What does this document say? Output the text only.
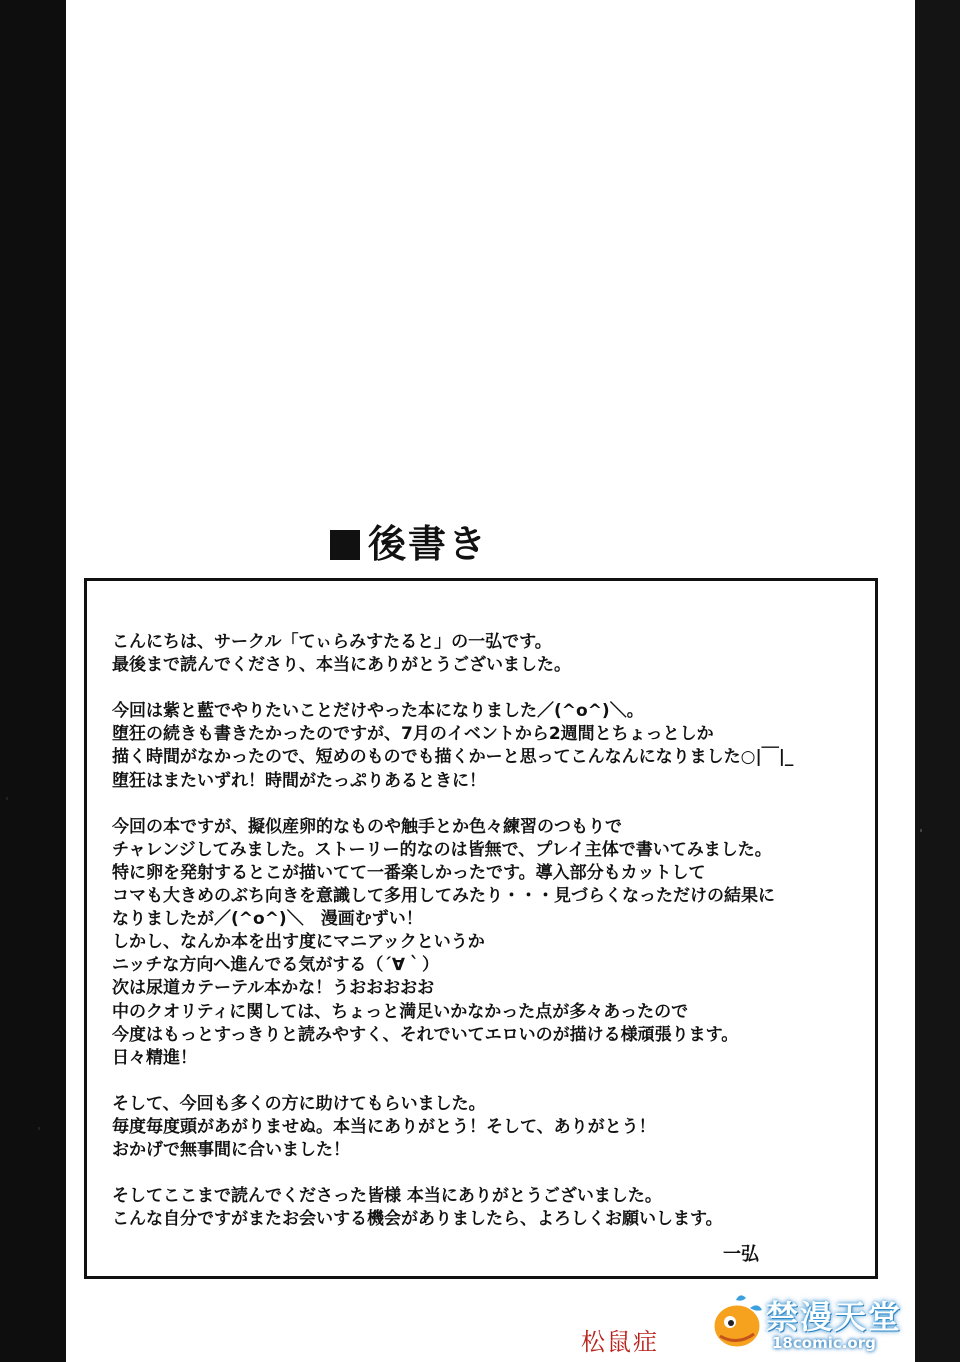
後書き
こんにちは、サークル「てぃらみすたると」の一弘です。
最後まで読んでくださり、本当にありがとうございました。
今回は紫と藍でやりたいことだけやった本になりました／(^o^)＼。
堕狂の続きも書きたかったのですが、7月のイベントから2週間とちょっとしか
描く時間がなかったので、短めのものでも描くかーと思ってこんなんになりました○|￣|_
堕狂はまたいずれ！時間がたっぷりあるときに！
今回の本ですが、擬似産卵的なものや触手とか色々練習のつもりで
チャレンジしてみました。ストーリー的なのは皆無で、プレイ主体で書いてみました。
特に卵を発射するとこが描いてて一番楽しかったです。導入部分もカットして
コマも大きめのぶち向きを意識して多用してみたり・・・見づらくなっただけの結果に
なりましたが／(^o^)＼　漫画むずい！
しかし、なんか本を出す度にマニアックというか
ニッチな方向へ進んでる気がする（´∀｀）
次は尿道カテーテル本かな！うおおおおお
中のクオリティに関しては、ちょっと満足いかなかった点が多々あったので
今度はもっとすっきりと読みやすく、それでいてエロいのが描ける様頑張ります。
日々精進！
そして、今回も多くの方に助けてもらいました。
毎度毎度頭があがりませぬ。本当にありがとう！そして、ありがとう！
おかげで無事間に合いました！
そしてここまで読んでくださった皆様 本当にありがとうございました。
こんな自分ですがまたお会いする機会がありましたら、よろしくお願いします。
一弘
松鼠症
禁漫天堂
18comic.org
